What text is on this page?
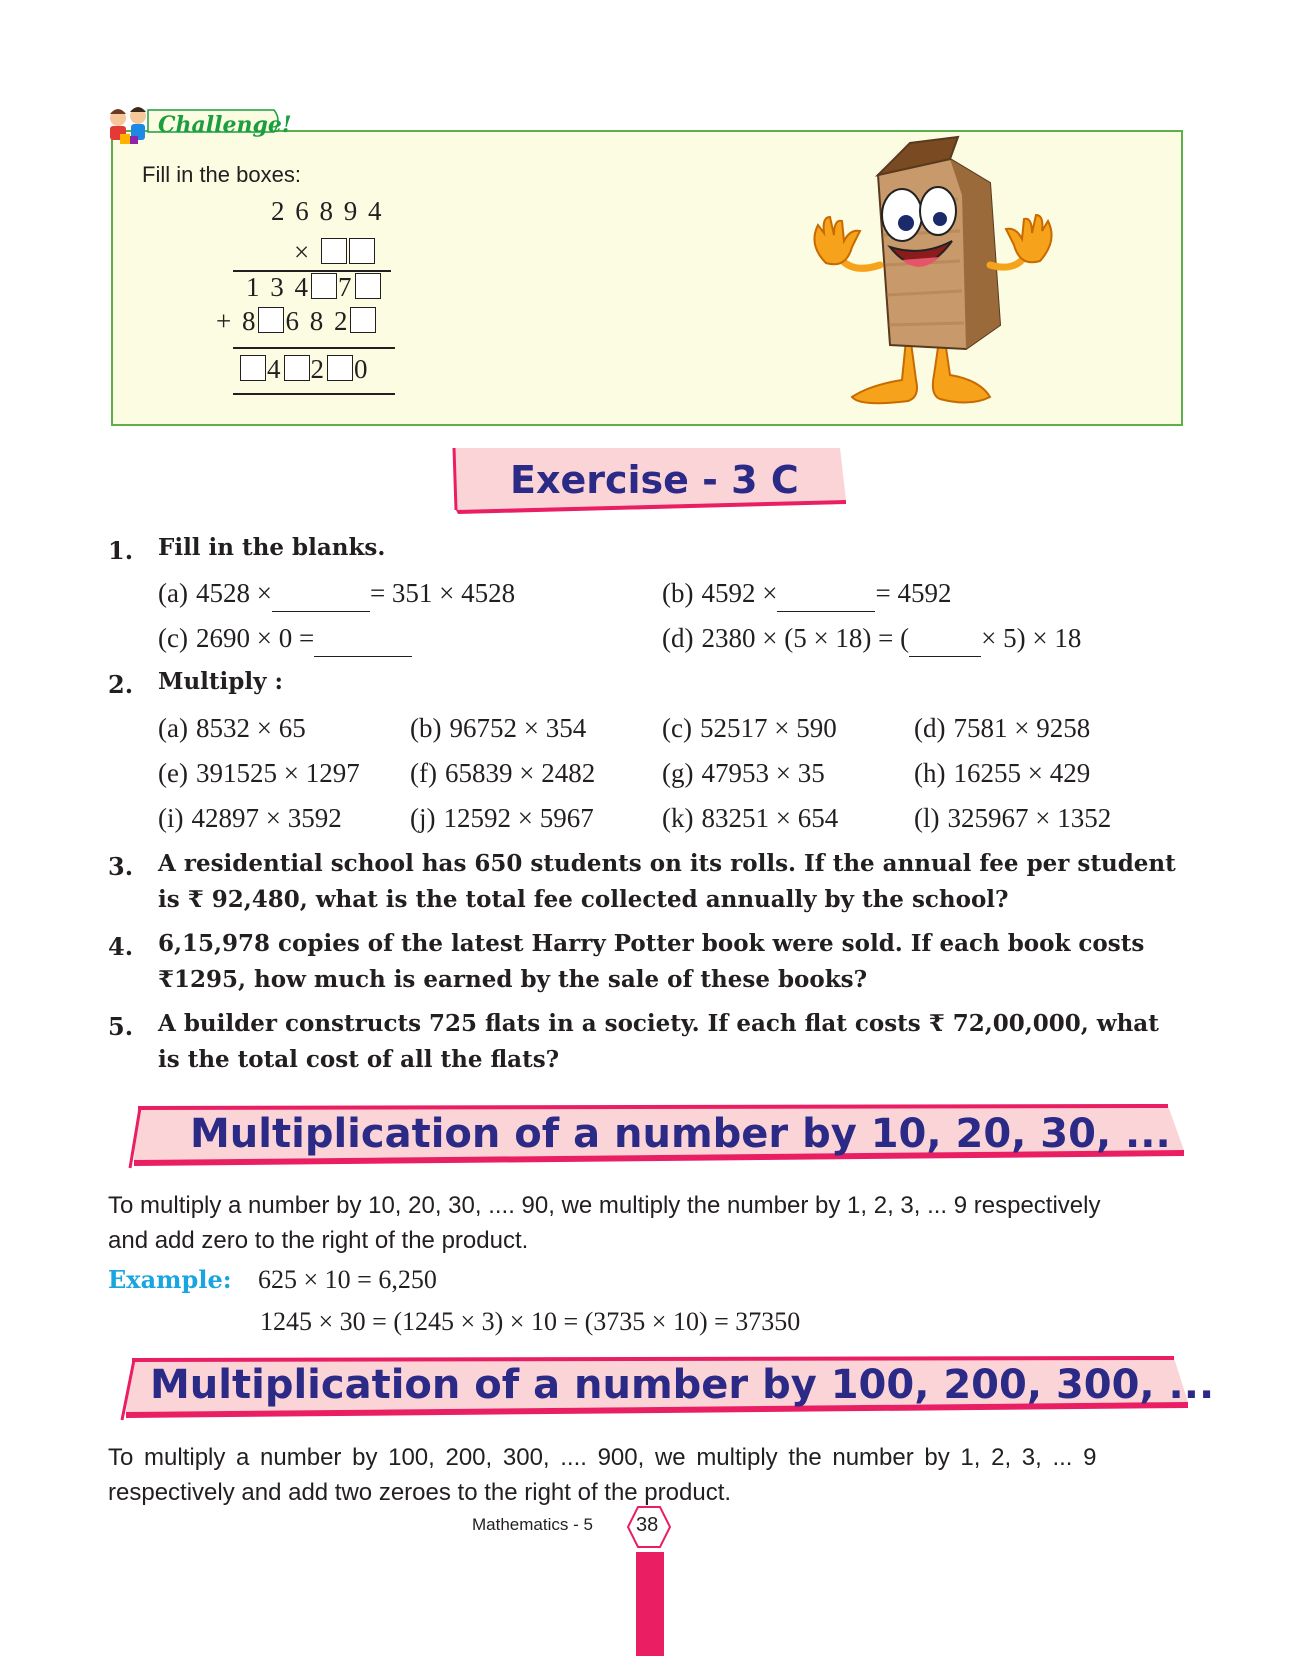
Challenge!
Fill in the boxes:
2 6 8 9 4
×
1 3 4 7
+ 8 6 8 2
4 2 0
Exercise - 3 C
1. Fill in the blanks.
(a) 4528 ×	= 351 × 4528	(b) 4592 ×	= 4592
(c) 2690 × 0 =	(d) 2380 × (5 × 18) = (	× 5) × 18
2. Multiply :
(a) 8532 × 65	(b) 96752 × 354	(c) 52517 × 590	(d) 7581 × 9258
(e) 391525 × 1297 (f) 65839 × 2482 (g) 47953 × 35	(h) 16255 × 429
(i) 42897 × 3592	(j) 12592 × 5967	(k) 83251 × 654	(l) 325967 × 1352
3. A residential school has 650 students on its rolls. If the annual fee per student
is ₹ 92,480, what is the total fee collected annually by the school?
4. 6,15,978 copies of the latest Harry Potter book were sold. If each book costs
₹1295, how much is earned by the sale of these books?
5. A builder constructs 725 flats in a society. If each flat costs ₹ 72,00,000, what
is the total cost of all the flats?
Multiplication of a number by 10, 20, 30, ...
To multiply a number by 10, 20, 30, .... 90, we multiply the number by 1, 2, 3, ... 9 respectively
and add zero to the right of the product.
Example: 625 × 10 = 6,250
1245 × 30 = (1245 × 3) × 10 = (3735 × 10) = 37350
Multiplication of a number by 100, 200, 300, ...
To multiply a number by 100, 200, 300, .... 900, we multiply the number by 1, 2, 3, ... 9
respectively and add two zeroes to the right of the product.
Mathematics - 5 38
